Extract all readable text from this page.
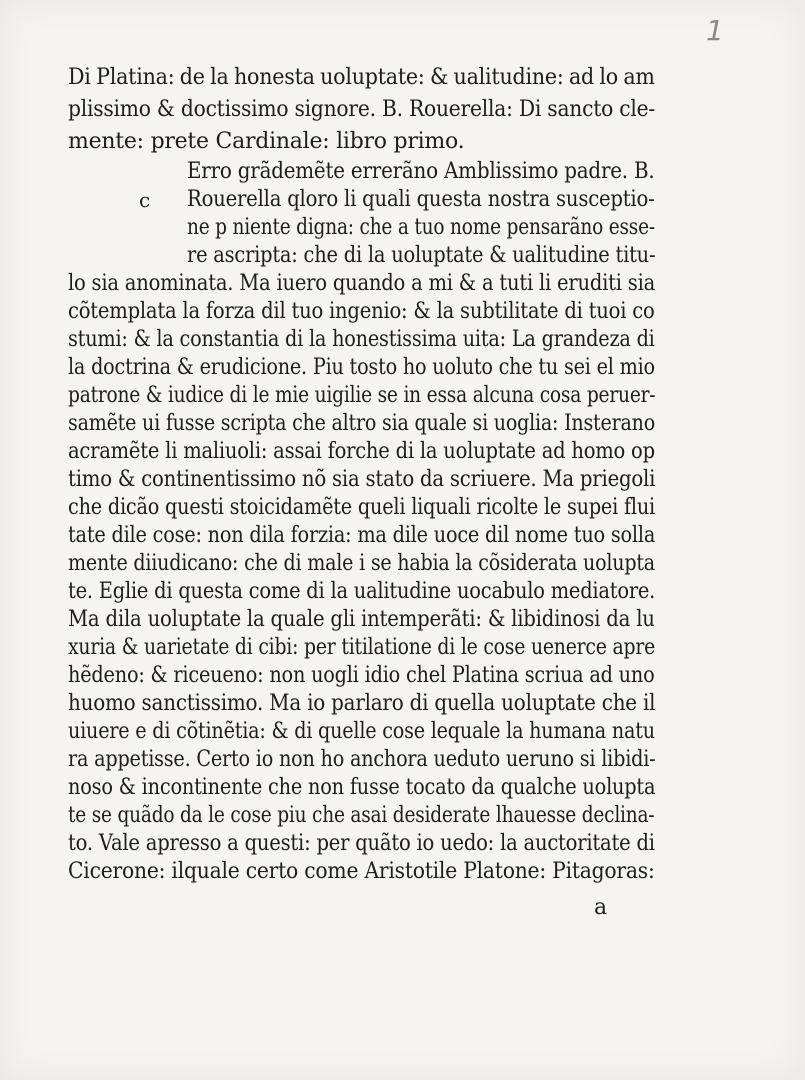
1
Di Platina: de la honesta uoluptate: & ualitudine: ad lo am
plissimo & doctissimo signore. B. Rouerella: Di sancto cle-
mente: prete Cardinale: libro primo.
Erro grãdemẽte errerãno Amblissimo padre. B.
c Rouerella qloro li quali questa nostra susceptio-
ne p niente digna: che a tuo nome pensarãno esse-
re ascripta: che di la uoluptate & ualitudine titu-
lo sia anominata. Ma iuero quando a mi & a tuti li eruditi sia
cõtemplata la forza dil tuo ingenio: & la subtilitate di tuoi co
stumi: & la constantia di la honestissima uita: La grandeza di
la doctrina & erudicione. Piu tosto ho uoluto che tu sei el mio
patrone & iudice di le mie uigilie se in essa alcuna cosa peruer-
samẽte ui fusse scripta che altro sia quale si uoglia: Insterano
acramẽte li maliuoli: assai forche di la uoluptate ad homo op
timo & continentissimo nõ sia stato da scriuere. Ma priegoli
che dicão questi stoicidamẽte queli liquali ricolte le supei flui
tate dile cose: non dila forzia: ma dile uoce dil nome tuo solla
mente diiudicano: che di male i se habia la cõsiderata uolupta
te. Eglie di questa come di la ualitudine uocabulo mediatore.
Ma dila uoluptate la quale gli intemperãti: & libidinosi da lu
xuria & uarietate di cibi: per titilatione di le cose uenerce apre
hẽdeno: & riceueno: non uogli idio chel Platina scriua ad uno
huomo sanctissimo. Ma io parlaro di quella uoluptate che il
uiuere e di cõtinẽtia: & di quelle cose lequale la humana natu
ra appetisse. Certo io non ho anchora ueduto ueruno si libidi-
noso & incontinente che non fusse tocato da qualche uolupta
te se quãdo da le cose piu che asai desiderate lhauesse declina-
to. Vale apresso a questi: per quãto io uedo: la auctoritate di
Cicerone: ilquale certo come Aristotile Platone: Pitagoras:
a
